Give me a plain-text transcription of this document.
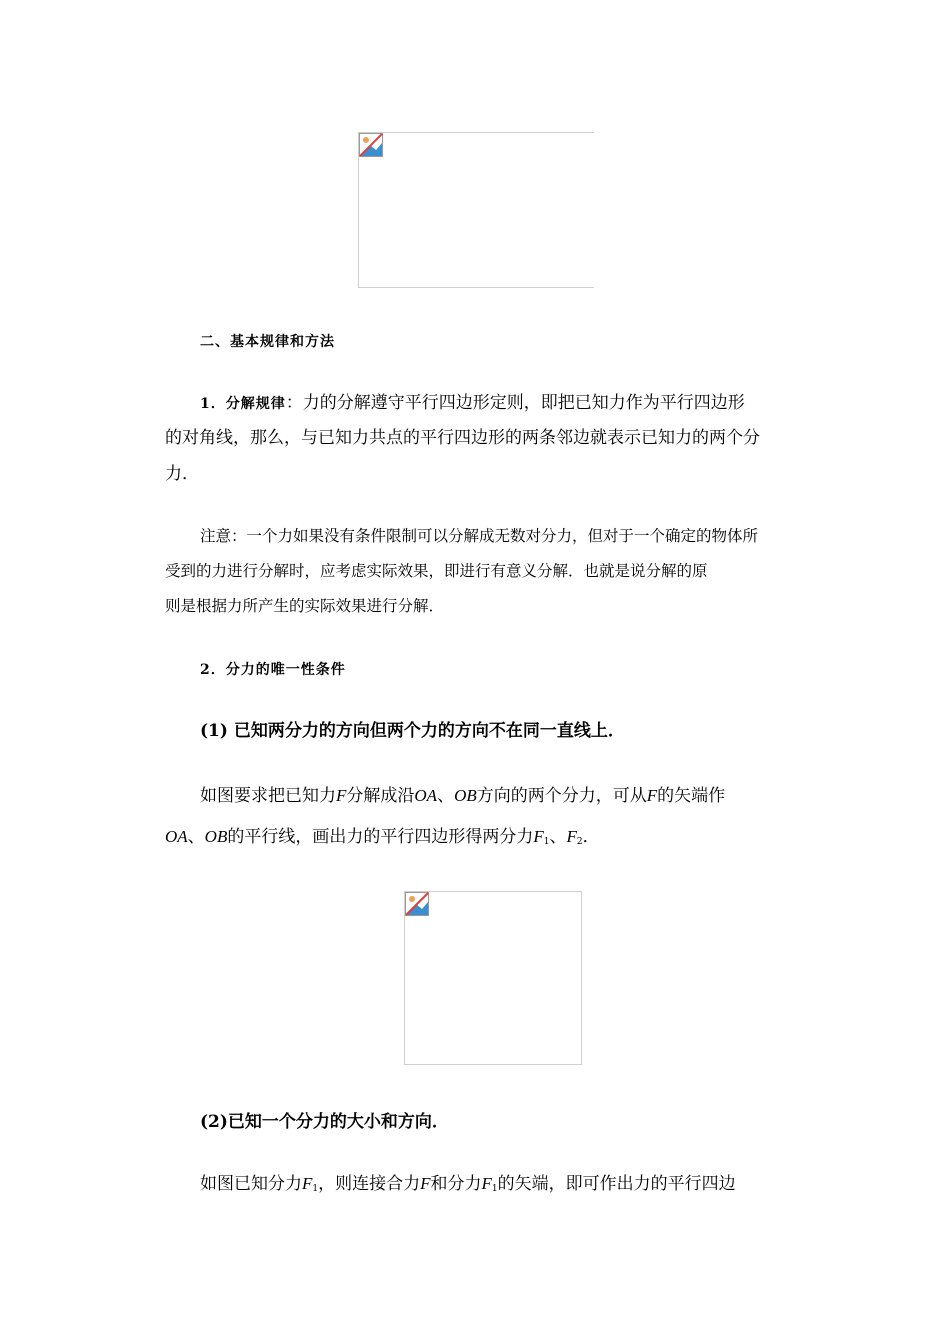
二、基本规律和方法
1．分解规律：力的分解遵守平行四边形定则，即把已知力作为平行四边形
的对角线，那么，与已知力共点的平行四边形的两条邻边就表示已知力的两个分
力．
注意：一个力如果没有条件限制可以分解成无数对分力，但对于一个确定的物体所
受到的力进行分解时，应考虑实际效果，即进行有意义分解．也就是说分解的原
则是根据力所产生的实际效果进行分解．
2．分力的唯一性条件
(1) 已知两分力的方向但两个力的方向不在同一直线上．
如图要求把已知力F分解成沿OA、OB方向的两个分力，可从F的矢端作
OA、OB的平行线，画出力的平行四边形得两分力$F_1$、$F_2$．
(2)已知一个分力的大小和方向．
如图已知分力$F_1$，则连接合力F和分力$F_1$的矢端，即可作出力的平行四边
